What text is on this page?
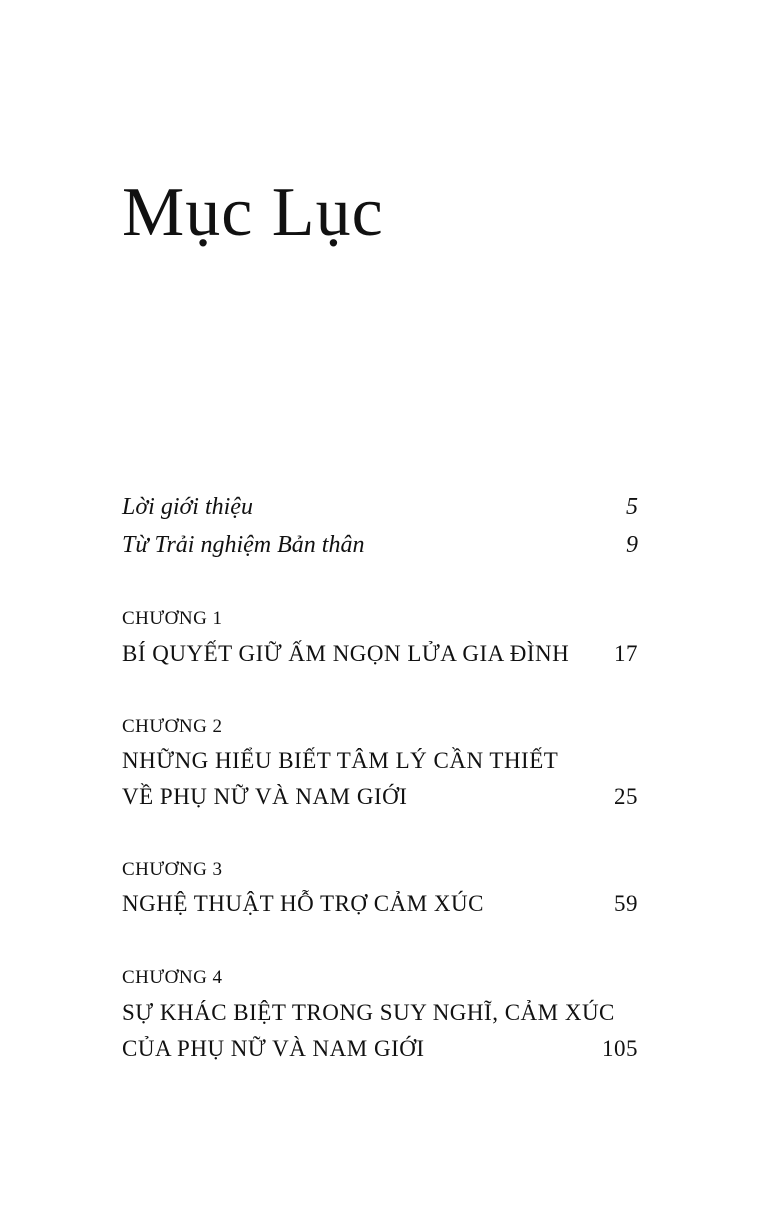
Mục Lục
Lời giới thiệu	5
Từ Trải nghiệm Bản thân	9
CHƯƠNG 1
BÍ QUYẾT GIỮ ẤM NGỌN LỬA GIA ĐÌNH 17
CHƯƠNG 2
NHỮNG HIỂU BIẾT TÂM LÝ CẦN THIẾT
VỀ PHỤ NỮ VÀ NAM GIỚI	25
CHƯƠNG 3
NGHỆ THUẬT HỖ TRỢ CẢM XÚC	59
CHƯƠNG 4
SỰ KHÁC BIỆT TRONG SUY NGHĨ, CẢM XÚC
CỦA PHỤ NỮ VÀ NAM GIỚI	105
